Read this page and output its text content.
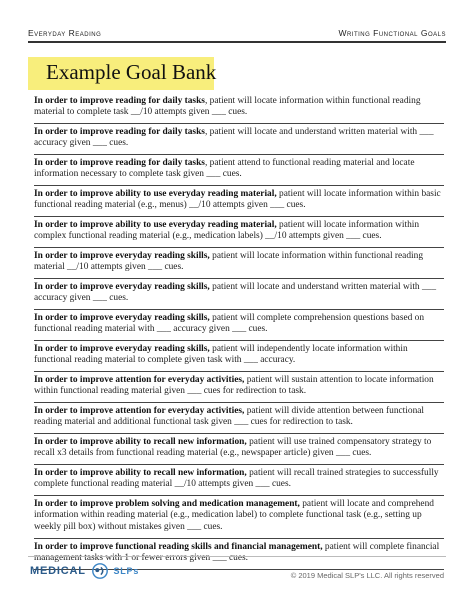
Everyday Reading	Writing Functional Goals
Example Goal Bank
In order to improve reading for daily tasks, patient will locate information within functional reading material to complete task __/10 attempts given ___ cues.
In order to improve reading for daily tasks, patient will locate and understand written material with ___ accuracy given ___ cues.
In order to improve reading for daily tasks, patient attend to functional reading material and locate information necessary to complete task given ___ cues.
In order to improve ability to use everyday reading material, patient will locate information within basic functional reading material (e.g., menus) __/10 attempts given ___ cues.
In order to improve ability to use everyday reading material, patient will locate information within complex functional reading material (e.g., medication labels) __/10 attempts given ___ cues.
In order to improve everyday reading skills, patient will locate information within functional reading material __/10 attempts given ___ cues.
In order to improve everyday reading skills, patient will locate and understand written material with ___ accuracy given ___ cues.
In order to improve everyday reading skills, patient will complete comprehension questions based on functional reading material with ___ accuracy given ___ cues.
In order to improve everyday reading skills, patient will independently locate information within functional reading material to complete given task with ___ accuracy.
In order to improve attention for everyday activities, patient will sustain attention to locate information within functional reading material given ___ cues for redirection to task.
In order to improve attention for everyday activities, patient will divide attention between functional reading material and additional functional task given ___ cues for redirection to task.
In order to improve ability to recall new information, patient will use trained compensatory strategy to recall x3 details from functional reading material (e.g., newspaper article) given ___ cues.
In order to improve ability to recall new information, patient will recall trained strategies to successfully complete functional reading material __/10 attempts given ___ cues.
In order to improve problem solving and medication management, patient will locate and comprehend information within reading material (e.g., medication label) to complete functional task (e.g., setting up weekly pill box) without mistakes given ___ cues.
In order to improve functional reading skills and financial management, patient will complete financial management tasks with 1 or fewer errors given ___ cues.
MEDICAL	SLPs	© 2019 Medical SLP's LLC. All rights reserved
